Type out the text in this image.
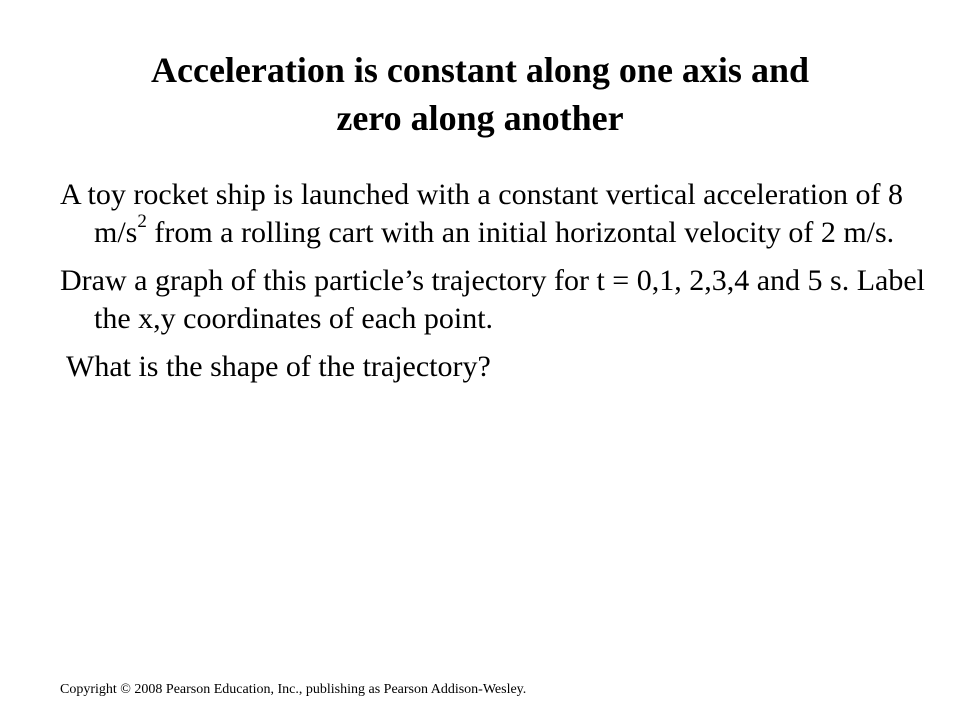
Acceleration is constant along one axis and
zero along another

A toy rocket ship is launched with a constant vertical acceleration of 8 $m/s^2$ from a rolling cart with an initial horizontal velocity of 2 m/s.

Draw a graph of this particle’s trajectory for t = 0,1, 2,3,4 and 5 s. Label the x,y coordinates of each point.

What is the shape of the trajectory?

Copyright © 2008 Pearson Education, Inc., publishing as Pearson Addison-Wesley.
